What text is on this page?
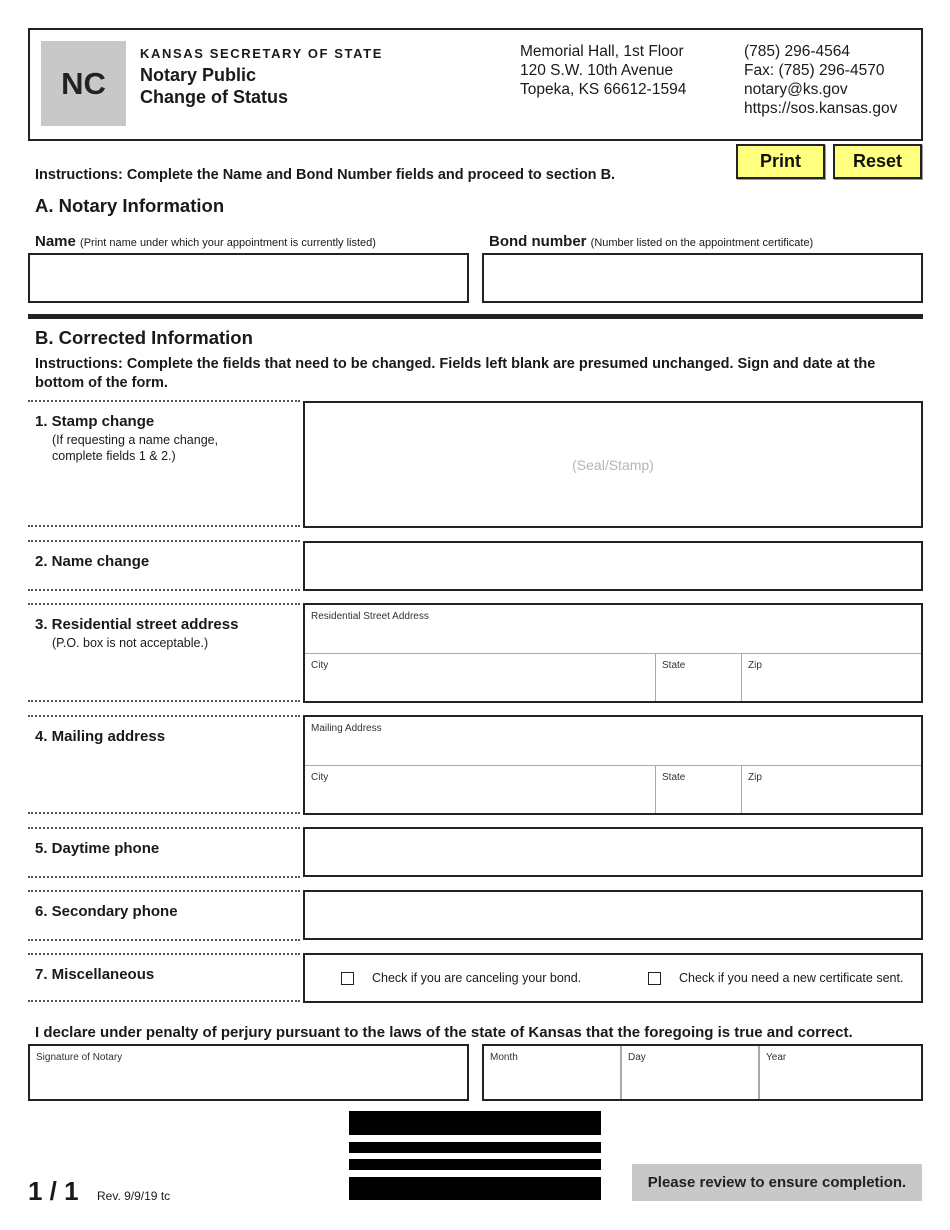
NC
KANSAS SECRETARY OF STATE
Notary Public
Change of Status
Memorial Hall, 1st Floor
120 S.W. 10th Avenue
Topeka, KS 66612-1594
(785) 296-4564
Fax: (785) 296-4570
notary@ks.gov
https://sos.kansas.gov
Print	Reset
Instructions: Complete the Name and Bond Number fields and proceed to section B.
A. Notary Information
Name (Print name under which your appointment is currently listed)	Bond number (Number listed on the appointment certificate)
B. Corrected Information
Instructions: Complete the fields that need to be changed. Fields left blank are presumed unchanged. Sign and date at the bottom of the form.
1. Stamp change
(If requesting a name change,
complete fields 1 & 2.)
(Seal/Stamp)
2. Name change
3. Residential street address
(P.O. box is not acceptable.)
Residential Street Address
City	State	Zip
4. Mailing address	Mailing Address
City	State	Zip
5. Daytime phone
6. Secondary phone
7. Miscellaneous	Check if you are canceling your bond.	Check if you need a new certificate sent.
I declare under penalty of perjury pursuant to the laws of the state of Kansas that the foregoing is true and correct.
Signature of Notary	Month	Day	Year
1 / 1 Rev. 9/9/19 tc
Please review to ensure completion.
